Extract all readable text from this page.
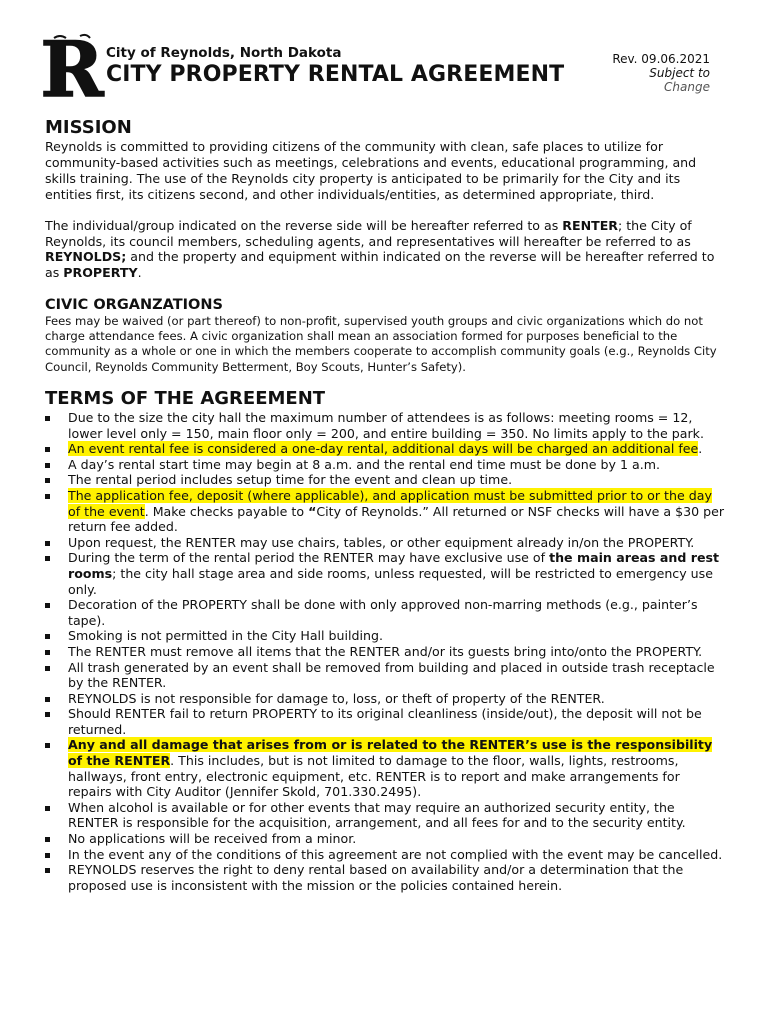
R City of Reynolds, North Dakota
CITY PROPERTY RENTAL AGREEMENT
Rev. 09.06.2021
Subject to
Change
MISSION

Reynolds is committed to providing citizens of the community with clean, safe places to utilize for community-based activities such as meetings, celebrations and events, educational programming, and skills training. The use of the Reynolds city property is anticipated to be primarily for the City and its entities first, its citizens second, and other individuals/entities, as determined appropriate, third.

The individual/group indicated on the reverse side will be hereafter referred to as RENTER; the City of Reynolds, its council members, scheduling agents, and representatives will hereafter be referred to as REYNOLDS; and the property and equipment within indicated on the reverse will be hereafter referred to as PROPERTY.

CIVIC ORGANZATIONS

Fees may be waived (or part thereof) to non-profit, supervised youth groups and civic organizations which do not charge attendance fees. A civic organization shall mean an association formed for purposes beneficial to the community as a whole or one in which the members cooperate to accomplish community goals (e.g., Reynolds City Council, Reynolds Community Betterment, Boy Scouts, Hunter’s Safety).

TERMS OF THE AGREEMENT
Due to the size the city hall the maximum number of attendees is as follows: meeting rooms = 12, lower level only = 150, main floor only = 200, and entire building = 350. No limits apply to the park.
An event rental fee is considered a one-day rental, additional days will be charged an additional fee.
A day’s rental start time may begin at 8 a.m. and the rental end time must be done by 1 a.m.
The rental period includes setup time for the event and clean up time.
The application fee, deposit (where applicable), and application must be submitted prior to or the day of the event. Make checks payable to “City of Reynolds.” All returned or NSF checks will have a $30 per return fee added.
Upon request, the RENTER may use chairs, tables, or other equipment already in/on the PROPERTY.
During the term of the rental period the RENTER may have exclusive use of the main areas and rest rooms; the city hall stage area and side rooms, unless requested, will be restricted to emergency use only.
Decoration of the PROPERTY shall be done with only approved non-marring methods (e.g., painter’s tape).
Smoking is not permitted in the City Hall building.
The RENTER must remove all items that the RENTER and/or its guests bring into/onto the PROPERTY.
All trash generated by an event shall be removed from building and placed in outside trash receptacle by the RENTER.
REYNOLDS is not responsible for damage to, loss, or theft of property of the RENTER.
Should RENTER fail to return PROPERTY to its original cleanliness (inside/out), the deposit will not be returned.
Any and all damage that arises from or is related to the RENTER’s use is the responsibility of the RENTER. This includes, but is not limited to damage to the floor, walls, lights, restrooms, hallways, front entry, electronic equipment, etc. RENTER is to report and make arrangements for repairs with City Auditor (Jennifer Skold, 701.330.2495).
When alcohol is available or for other events that may require an authorized security entity, the RENTER is responsible for the acquisition, arrangement, and all fees for and to the security entity.
No applications will be received from a minor.
In the event any of the conditions of this agreement are not complied with the event may be cancelled.
REYNOLDS reserves the right to deny rental based on availability and/or a determination that the proposed use is inconsistent with the mission or the policies contained herein.
